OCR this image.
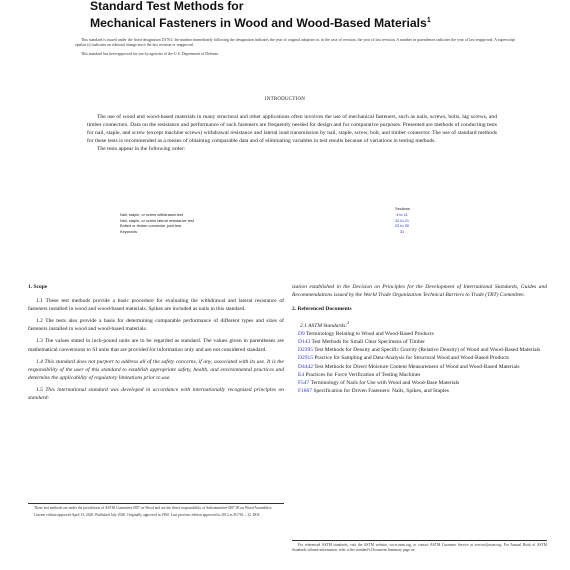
Standard Test Methods for
Mechanical Fasteners in Wood and Wood-Based Materials$^1$

This standard is issued under the fixed designation D1761; the number immediately following the designation indicates the year of original adoption or, in the case of revision, the year of last revision. A number in parentheses indicates the year of last reapproval. A superscript epsilon (ε) indicates an editorial change since the last revision or reapproval.

This standard has been approved for use by agencies of the U.S. Department of Defense.

INTRODUCTION

The use of wood and wood-based materials in many structural and other applications often involves the use of mechanical fasteners, such as nails, screws, bolts, lag screws, and timber connectors. Data on the resistance and performance of such fasteners are frequently needed for design and for comparative purposes. Presented are methods of conducting tests for nail, staple, and screw (except machine screws) withdrawal resistance and lateral load transmission by nail, staple, screw, bolt, and timber connector. The use of standard methods for these tests is recommended as a means of obtaining comparable data and of eliminating variables in test results because of variations in testing methods.

The tests appear in the following order:

Sections
Nail, staple, or screw withdrawal test	4 to 11
Nail, staple, or screw lateral resistance test	12 to 21
Bolted or timber connector joint test	22 to 30
Keywords	31
1. Scope

1.1 These test methods provide a basic procedure for evaluating the withdrawal and lateral resistance of fasteners installed in wood and wood-based materials. Spikes are included as nails in this standard.

1.2 The tests also provide a basis for determining comparable performance of different types and sizes of fasteners installed in wood and wood-based materials.

1.3 The values stated in inch-pound units are to be regarded as standard. The values given in parentheses are mathematical conversions to SI units that are provided for information only and are not considered standard.

1.4 This standard does not purport to address all of the safety concerns, if any, associated with its use. It is the responsibility of the user of this standard to establish appropriate safety, health, and environmental practices and determine the applicability of regulatory limitations prior to use.

1.5 This international standard was developed in accordance with internationally recognized principles on standard-

ization established in the Decision on Principles for the Development of International Standards, Guides and Recommendations issued by the World Trade Organization Technical Barriers to Trade (TBT) Committee.

2. Referenced Documents
2.1 ASTM Standards:$^2$
D9 Terminology Relating to Wood and Wood-Based Products
D143 Test Methods for Small Clear Specimens of Timber
D2395 Test Methods for Density and Specific Gravity (Relative Density) of Wood and Wood-Based Materials
D2915 Practice for Sampling and Data-Analysis for Structural Wood and Wood-Based Products
D4442 Test Methods for Direct Moisture Content Measurement of Wood and Wood-Based Materials
E4 Practices for Force Verification of Testing Machines
F547 Terminology of Nails for Use with Wood and Wood-Base Materials
F1667 Specification for Driven Fasteners: Nails, Spikes, and Staples

These test methods are under the jurisdiction of ASTM Committee D07 on Wood and are the direct responsibility of Subcommittee D07.05 on Wood Assemblies.

Current edition approved April 15, 2020. Published July 2020. Originally approved in 1960. Last previous edition approved in 2012 as D1761 – 12. DOI:

For referenced ASTM standards, visit the ASTM website, www.astm.org, or contact ASTM Customer Service at service@astm.org. For Annual Book of ASTM Standards volume information, refer to the standard's Document Summary page on
